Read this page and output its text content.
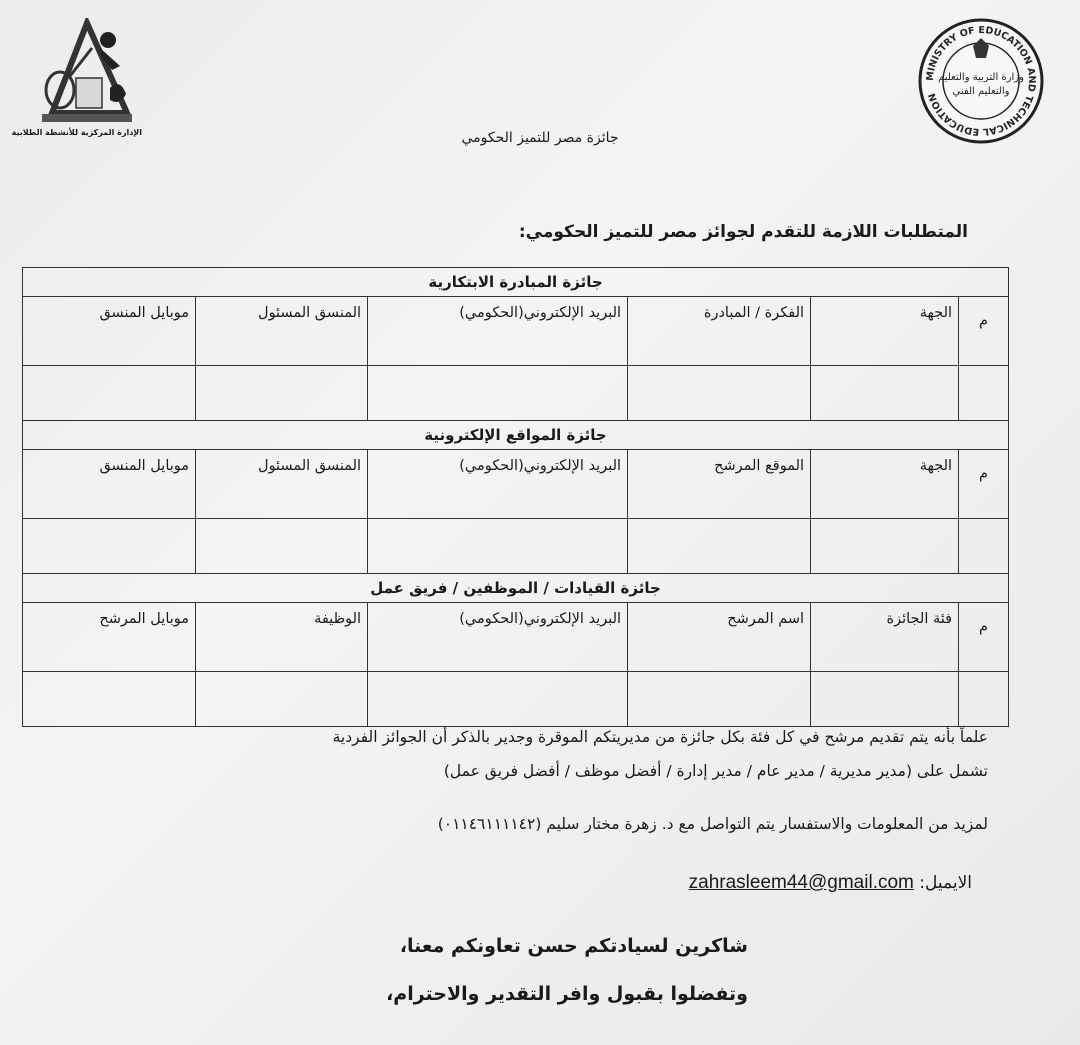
MINISTRY OF EDUCATION AND TECHNICAL EDUCATION
وزارة التربية والتعليم
والتعليم الفني
الإدارة المركزية للأنشطة الطلابية	جائزة مصر للتميز الحكومي
المتطلبات اللازمة للتقدم لجوائز مصر للتميز الحكومي:
جائزة المبادرة الابتكارية					
م	الجهة	الفكرة / المبادرة	البريد الإلكتروني(الحكومي)	المنسق المسئول	موبايل المنسق

جائزة المواقع الإلكترونية					
م	الجهة	الموقع المرشح	البريد الإلكتروني(الحكومي)	المنسق المسئول	موبايل المنسق

جائزة القيادات / الموظفين / فريق عمل					
م	فئة الجائزة	اسم المرشح	البريد الإلكتروني(الحكومي)	الوظيفة	موبايل المرشح

علماً بأنه يتم تقديم مرشح في كل فئة بكل جائزة من مديريتكم الموقرة وجدير بالذكر أن الجوائز الفردية
تشمل على (مدير مديرية / مدير عام / مدير إدارة / أفضل موظف / أفضل فريق عمل)
لمزيد من المعلومات والاستفسار يتم التواصل مع د. زهرة مختار سليم (٠١١٤٦١١١١٤٢)
الايميل: zahrasleem44@gmail.com
شاكرين لسيادتكم حسن تعاونكم معنا،
وتفضلوا بقبول وافر التقدير والاحترام،
